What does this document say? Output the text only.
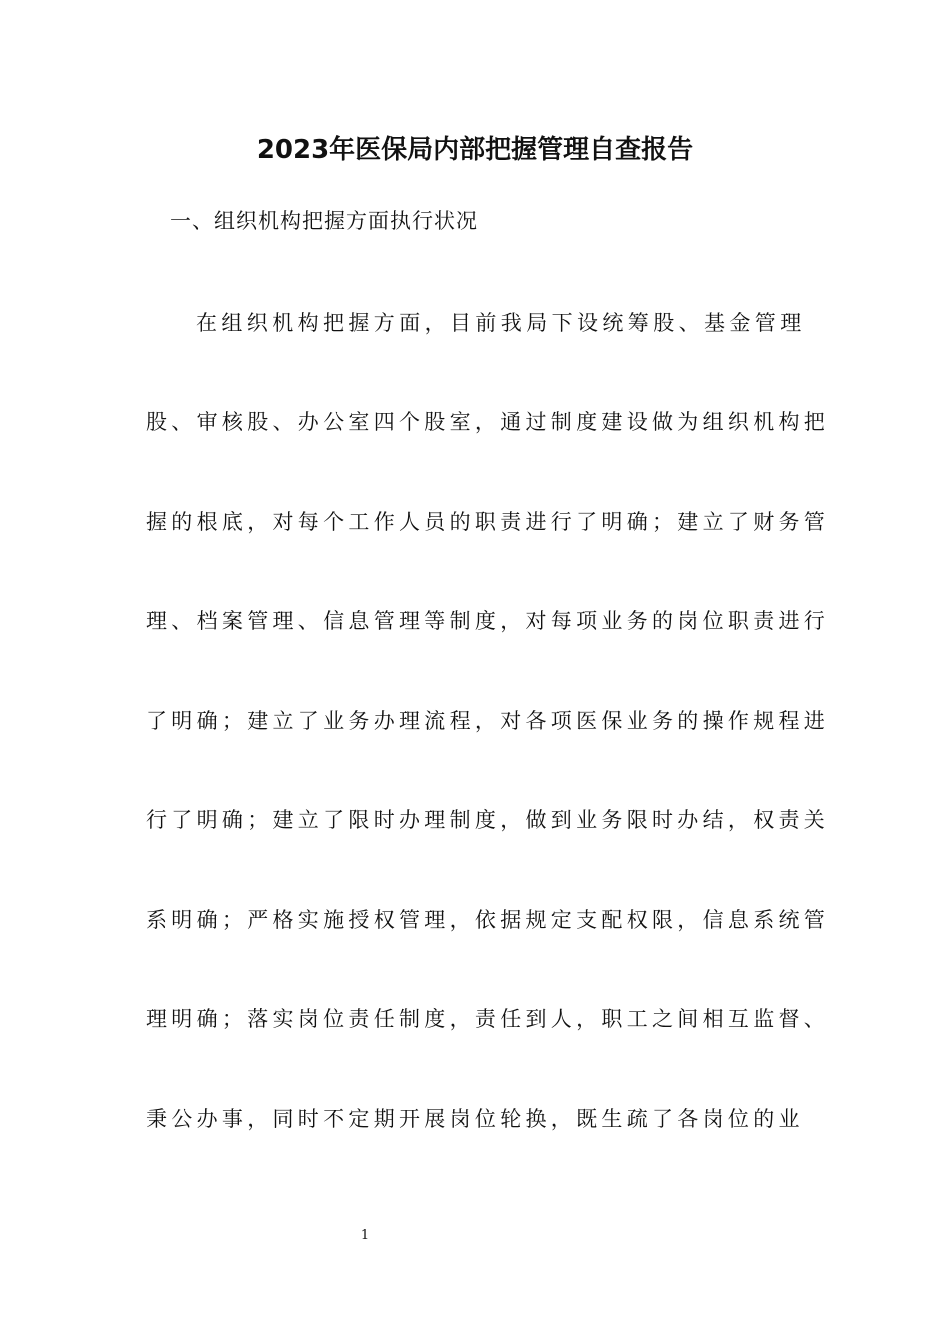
2023年医保局内部把握管理自查报告
一、组织机构把握方面执行状况
在组织机构把握方面，目前我局下设统筹股、基金管理
股、审核股、办公室四个股室，通过制度建设做为组织机构把
握的根底，对每个工作人员的职责进行了明确；建立了财务管
理、档案管理、信息管理等制度，对每项业务的岗位职责进行
了明确；建立了业务办理流程，对各项医保业务的操作规程进
行了明确；建立了限时办理制度，做到业务限时办结，权责关
系明确；严格实施授权管理，依据规定支配权限，信息系统管
理明确；落实岗位责任制度，责任到人，职工之间相互监督、
秉公办事，同时不定期开展岗位轮换，既生疏了各岗位的业
1
